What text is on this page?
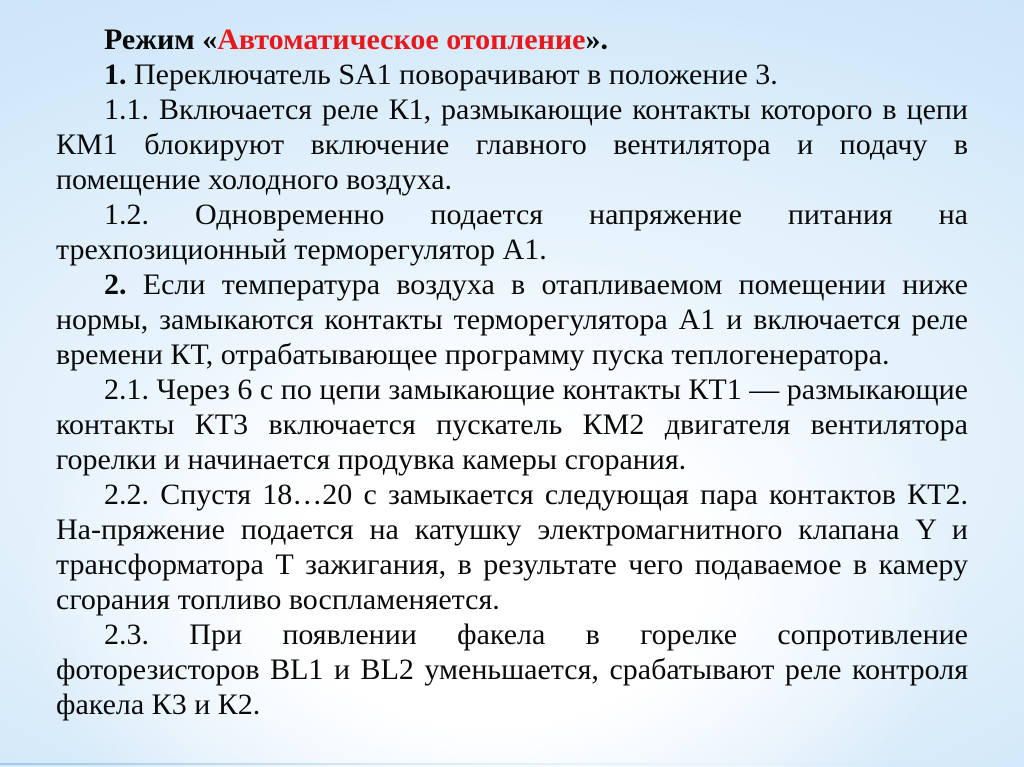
Режим «Автоматическое отопление».

1. Переключатель SA1 поворачивают в положение 3.

1.1. Включается реле К1, размыкающие контакты которого в цепи КМ1 блокируют включение главного вентилятора и подачу в помещение холодного воздуха.

1.2. Одновременно подается напряжение питания на трехпозиционный терморегулятор А1.

2. Если температура воздуха в отапливаемом помещении ниже нормы, замыкаются контакты терморегулятора А1 и включается реле времени КТ, отрабатывающее программу пуска теплогенератора.

2.1. Через 6 с по цепи замыкающие контакты КТ1 — размыкающие контакты КТ3 включается пускатель КМ2 двигателя вентилятора горелки и начинается продувка камеры сгорания.

2.2. Спустя 18…20 с замыкается следующая пара контактов КТ2. На-пряжение подается на катушку электромагнитного клапана Y и трансформатора Т зажигания, в результате чего подаваемое в камеру сгорания топливо воспламеняется.

2.3. При появлении факела в горелке сопротивление фоторезисторов BL1 и BL2 уменьшается, срабатывают реле контроля факела К3 и К2.
